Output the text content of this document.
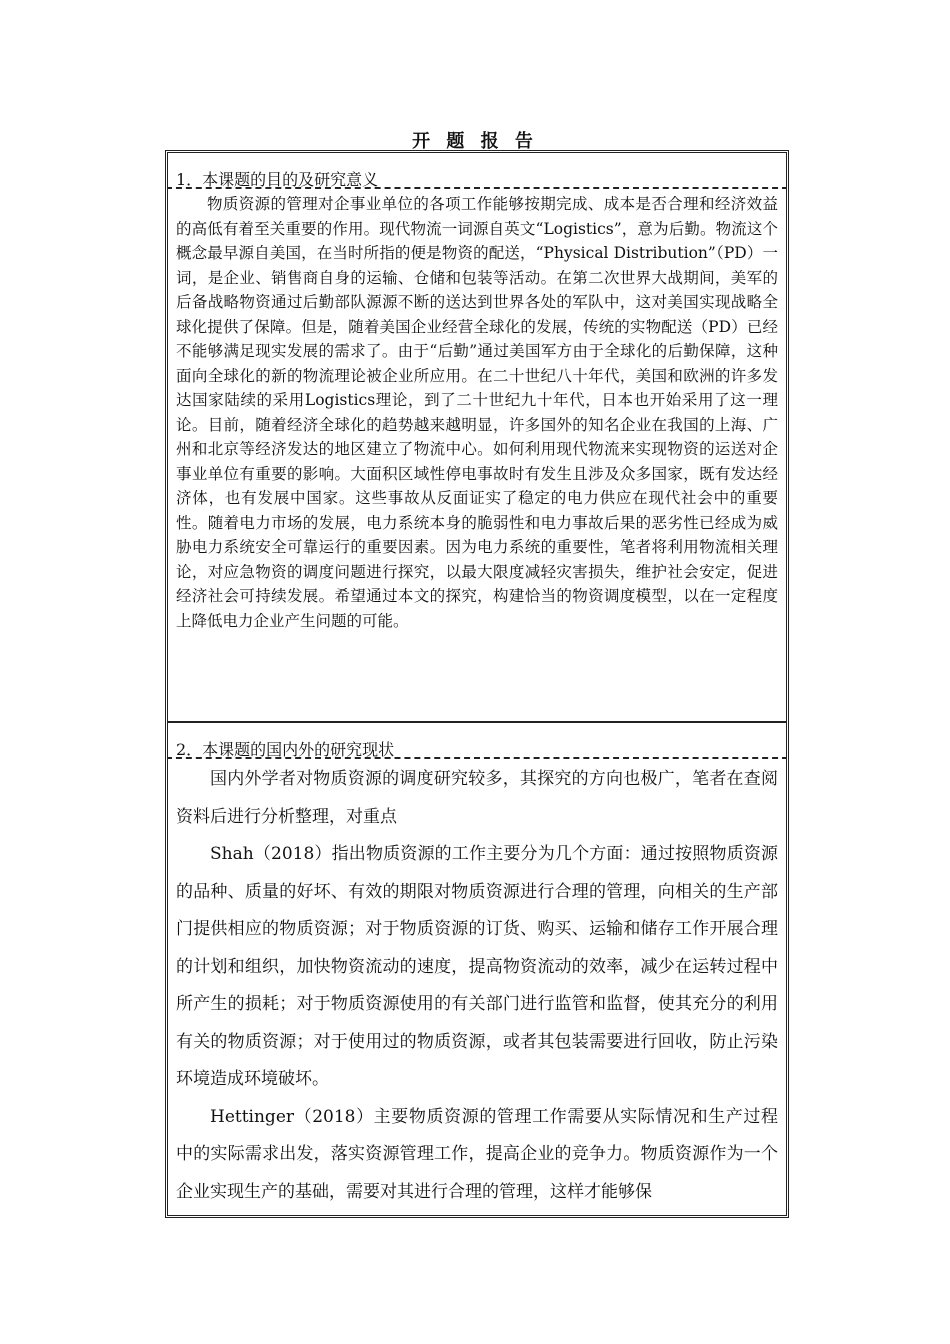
开 题 报 告
1．本课题的目的及研究意义

物质资源的管理对企事业单位的各项工作能够按期完成、成本是否合理和经济效益的高低有着至关重要的作用。现代物流一词源自英文“Logistics”，意为后勤。物流这个概念最早源自美国，在当时所指的便是物资的配送，“Physical Distribution”（PD）一词，是企业、销售商自身的运输、仓储和包装等活动。在第二次世界大战期间，美军的后备战略物资通过后勤部队源源不断的送达到世界各处的军队中，这对美国实现战略全球化提供了保障。但是，随着美国企业经营全球化的发展，传统的实物配送（PD）已经不能够满足现实发展的需求了。由于“后勤”通过美国军方由于全球化的后勤保障，这种面向全球化的新的物流理论被企业所应用。在二十世纪八十年代，美国和欧洲的许多发达国家陆续的采用Logistics理论，到了二十世纪九十年代，日本也开始采用了这一理论。目前，随着经济全球化的趋势越来越明显，许多国外的知名企业在我国的上海、广州和北京等经济发达的地区建立了物流中心。如何利用现代物流来实现物资的运送对企事业单位有重要的影响。大面积区域性停电事故时有发生且涉及众多国家，既有发达经济体，也有发展中国家。这些事故从反面证实了稳定的电力供应在现代社会中的重要性。随着电力市场的发展，电力系统本身的脆弱性和电力事故后果的恶劣性已经成为威胁电力系统安全可靠运行的重要因素。因为电力系统的重要性，笔者将利用物流相关理论，对应急物资的调度问题进行探究，以最大限度减轻灾害损失，维护社会安定，促进经济社会可持续发展。希望通过本文的探究，构建恰当的物资调度模型，以在一定程度上降低电力企业产生问题的可能。

2．本课题的国内外的研究现状

国内外学者对物质资源的调度研究较多，其探究的方向也极广，笔者在查阅资料后进行分析整理，对重点

Shah（2018）指出物质资源的工作主要分为几个方面：通过按照物质资源的品种、质量的好坏、有效的期限对物质资源进行合理的管理，向相关的生产部门提供相应的物质资源；对于物质资源的订货、购买、运输和储存工作开展合理的计划和组织，加快物资流动的速度，提高物资流动的效率，减少在运转过程中所产生的损耗；对于物质资源使用的有关部门进行监管和监督，使其充分的利用有关的物质资源；对于使用过的物质资源，或者其包装需要进行回收，防止污染环境造成环境破坏。

Hettinger（2018）主要物质资源的管理工作需要从实际情况和生产过程中的实际需求出发，落实资源管理工作，提高企业的竞争力。物质资源作为一个企业实现生产的基础，需要对其进行合理的管理，这样才能够保
